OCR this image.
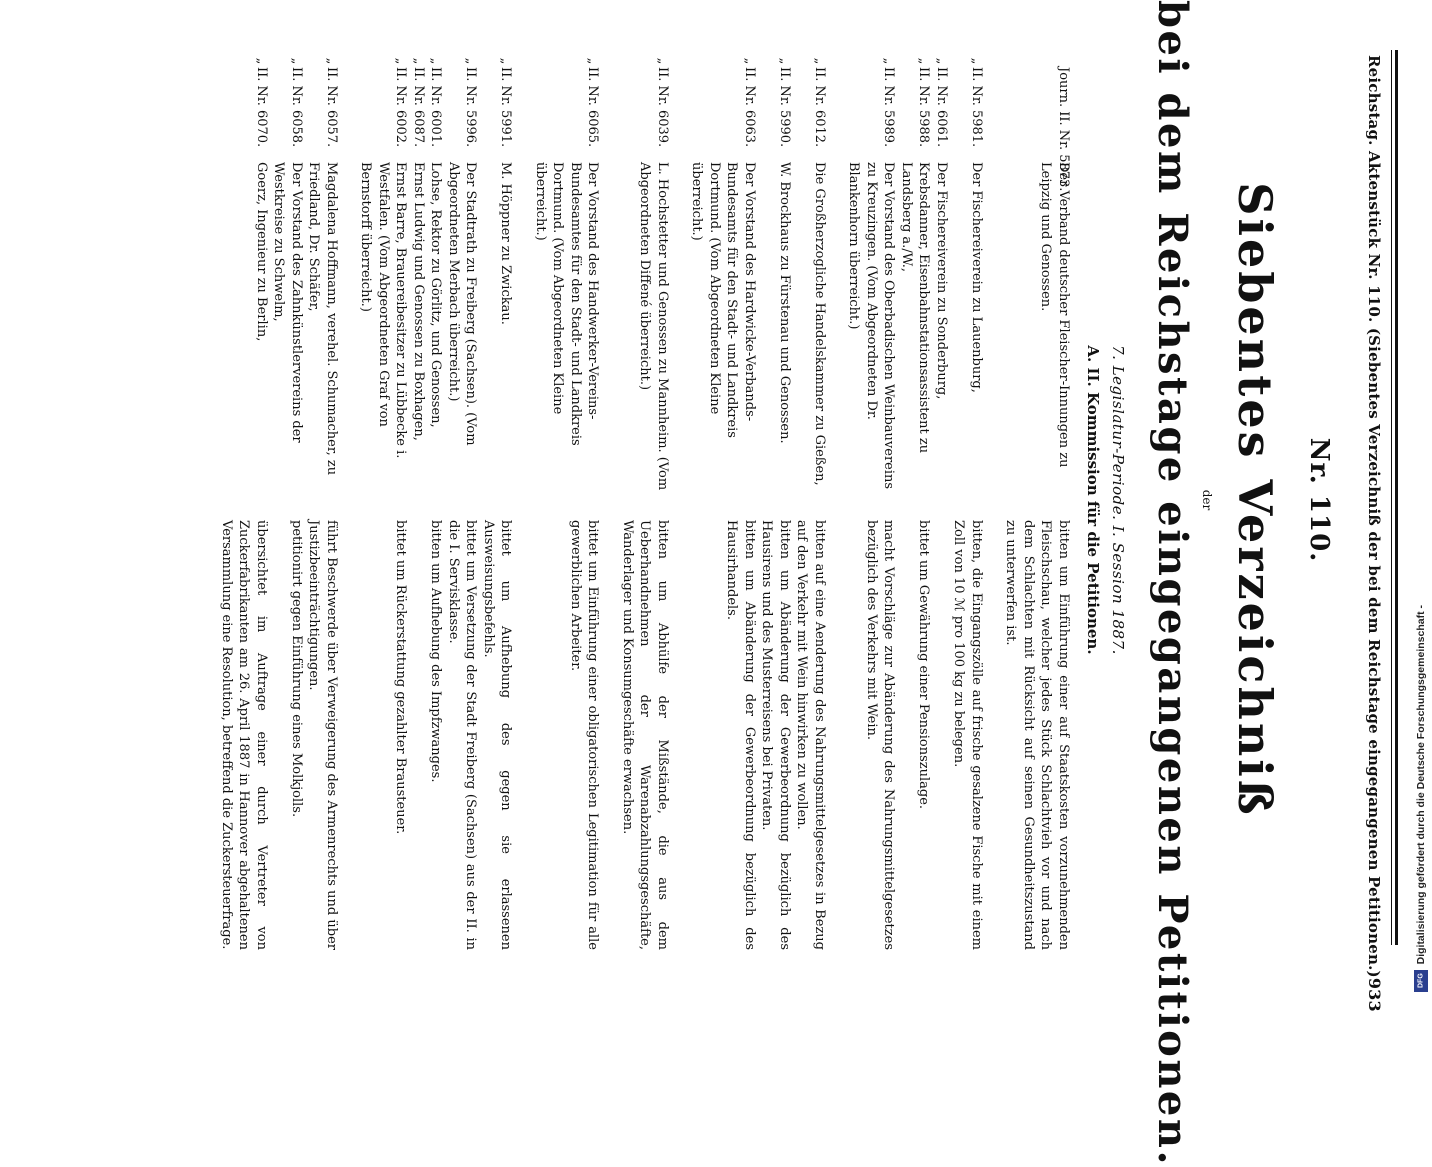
Reichstag. Aktenstück Nr. 110. (Siebentes Verzeichniß der bei dem Reichstage eingegangenen Petitionen.)
933
Nr. 110.
Siebentes Verzeichniß
der
bei dem Reichstage eingegangenen Petitionen.
7. Legislatur-Periode. I. Session 1887.
A. II. Kommission für die Petitionen.
Journ. II. Nr. 5873.
Der Verband deutscher Fleischer-Innungen zu Leipzig und Genossen.
bitten um Einführung einer auf Staatskosten vorzunehmenden Fleischschau, welcher jedes Stück Schlachtvieh vor und nach dem Schlachten mit Rücksicht auf seinen Gesundheitszustand zu unterwerfen ist.
„
II. Nr. 5981.
Der Fischereiverein zu Lauenburg,
bitten, die Eingangszölle auf frische gesalzene Fische mit einem Zoll von 10 ℳ pro 100 kg zu belegen.
„
II. Nr. 6061.
Der Fischereiverein zu Sonderburg,
„
II. Nr. 5988.
Krebsdanner, Eisenbahnstationsassistent zu Landsberg a./W.,
bittet um Gewährung einer Pensionszulage.
„
II. Nr. 5989.
Der Vorstand des Oberbadischen Weinbauvereins zu Kreuzingen. (Vom Abgeordneten Dr. Blankenhorn überreicht.)
macht Vorschläge zur Abänderung des Nahrungsmittelgesetzes bezüglich des Verkehrs mit Wein.
„
II. Nr. 6012.
Die Großherzogliche Handelskammer zu Gießen,
bitten auf eine Aenderung des Nahrungsmittelgesetzes in Bezug auf den Verkehr mit Wein hinwirken zu wollen.
„
II. Nr. 5990.
W. Brockhaus zu Fürstenau und Genossen.
bitten um Abänderung der Gewerbeordnung bezüglich des Hausirens und des Musterreisens bei Privaten.
„
II. Nr. 6063.
Der Vorstand des Hardwicke-Verbands-Bundesamts für den Stadt- und Landkreis Dortmund. (Vom Abgeordneten Kleine überreicht.)
bitten um Abänderung der Gewerbeordnung bezüglich des Hausirhandels.
„
II. Nr. 6039.
L. Hochstetter und Genossen zu Mannheim. (Vom Abgeordneten Diffené überreicht.)
bitten um Abhülfe der Mißstände, die aus dem Ueberhandnehmen der Warenabzahlungsgeschäfte, Wanderlager und Konsumgeschäfte erwachsen.
„
II. Nr. 6065.
Der Vorstand des Handwerker-Vereins-Bundesamtes für den Stadt- und Landkreis Dortmund. (Vom Abgeordneten Kleine überreicht.)
bittet um Einführung einer obligatorischen Legitimation für alle gewerblichen Arbeiter.
„
II. Nr. 5991.
M. Höppner zu Zwickau.
bittet um Aufhebung des gegen sie erlassenen Ausweisungsbefehls.
„
II. Nr. 5996.
Der Stadtrath zu Freiberg (Sachsen). (Vom Abgeordneten Merbach überreicht.)
bittet um Versetzung der Stadt Freiberg (Sachsen) aus der II. in die I. Servisklasse.
„
II. Nr. 6001.
Lohse, Rektor zu Görlitz, und Genossen,
bitten um Aufhebung des Impfzwanges.
„
II. Nr. 6087.
Ernst Ludwig und Genossen zu Boxhagen,
„
II. Nr. 6002.
Ernst Barre, Brauereibesitzer zu Lübbecke i. Westfalen. (Vom Abgeordneten Graf von Bernstorff überreicht.)
bittet um Rückerstattung gezahlter Brausteuer.
„
II. Nr. 6057.
Magdalena Hoffmann, verehel. Schumacher, zu Friedland, Dr. Schäfer,
führt Beschwerde über Verweigerung des Armenrechts und über Justizbeeinträchtigungen.
„
II. Nr. 6058.
Der Vorstand des Zahnkünstlervereins der Westkreise zu Schwelm,
petitionirt gegen Einführung eines Molkjolls.
„
II. Nr. 6070.
Goerz, Ingenieur zu Berlin,
übersichtet im Auftrage einer durch Vertreter von Zuckerfabrikanten am 26. April 1887 in Hannover abgehaltenen Versammlung eine Resolution, betreffend die Zuckersteuerfrage.	Digitalisierung gefördert durch die Deutsche Forschungsgemeinschaft -
DFG
